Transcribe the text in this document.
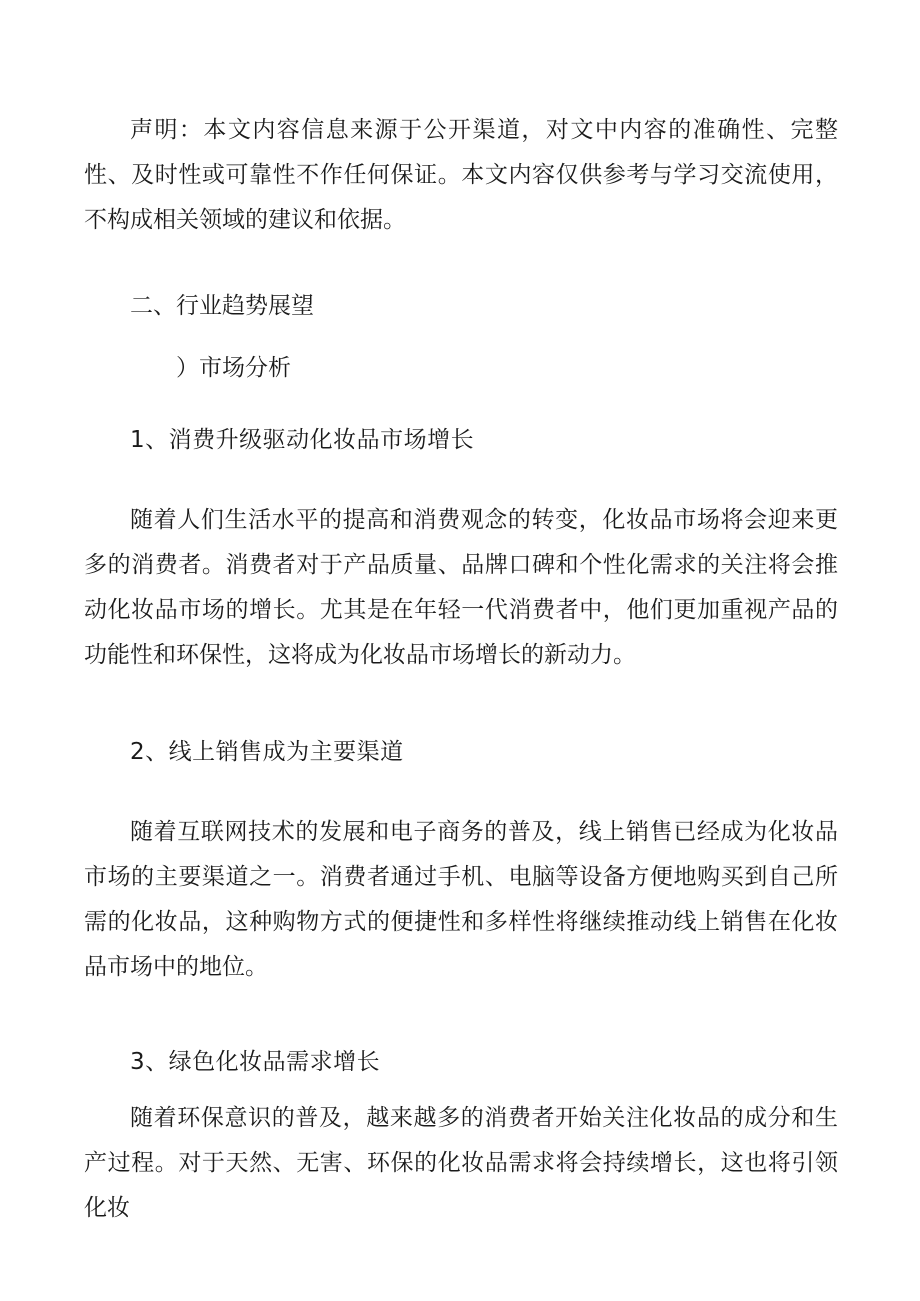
声明：本文内容信息来源于公开渠道，对文中内容的准确性、完整性、及时性或可靠性不作任何保证。本文内容仅供参考与学习交流使用，不构成相关领域的建议和依据。

二、行业趋势展望

）市场分析

1、消费升级驱动化妆品市场增长

随着人们生活水平的提高和消费观念的转变，化妆品市场将会迎来更多的消费者。消费者对于产品质量、品牌口碑和个性化需求的关注将会推动化妆品市场的增长。尤其是在年轻一代消费者中，他们更加重视产品的功能性和环保性，这将成为化妆品市场增长的新动力。

2、线上销售成为主要渠道

随着互联网技术的发展和电子商务的普及，线上销售已经成为化妆品市场的主要渠道之一。消费者通过手机、电脑等设备方便地购买到自己所需的化妆品，这种购物方式的便捷性和多样性将继续推动线上销售在化妆品市场中的地位。

3、绿色化妆品需求增长

随着环保意识的普及，越来越多的消费者开始关注化妆品的成分和生产过程。对于天然、无害、环保的化妆品需求将会持续增长，这也将引领化妆
